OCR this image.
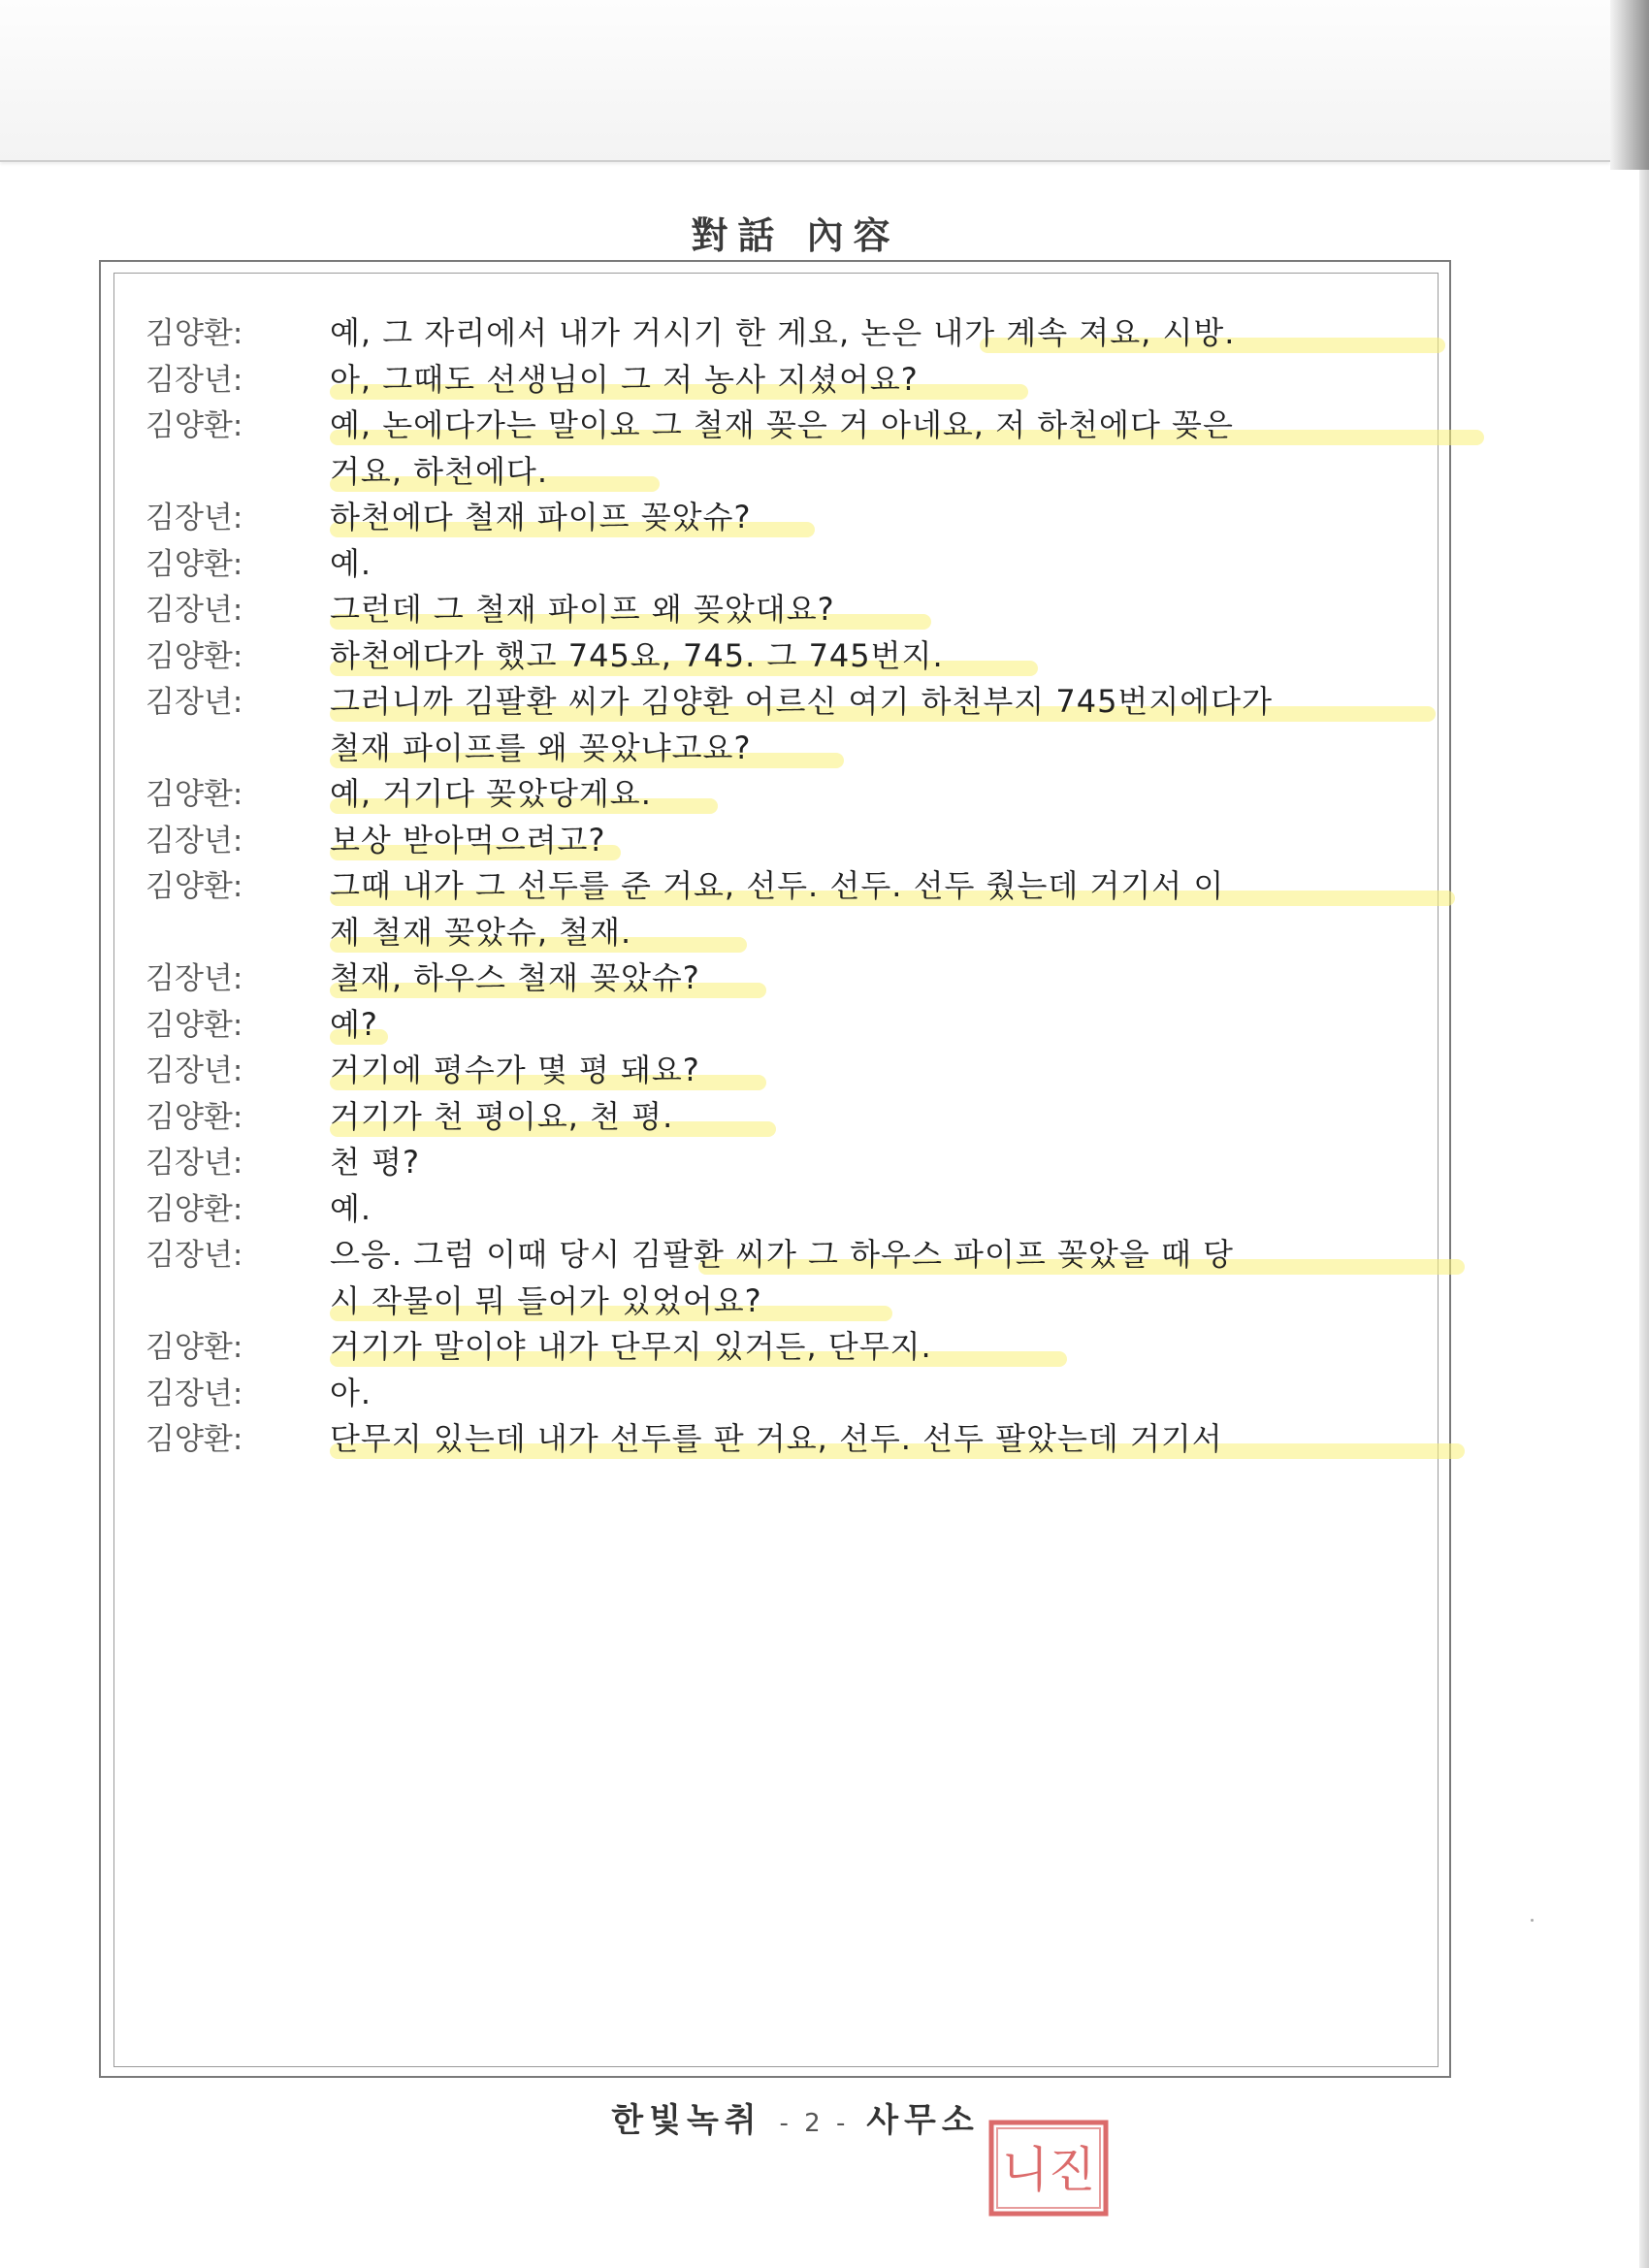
對話 內容
김양환:	예, 그 자리에서 내가 거시기 한 게요, 논은 내가 계속 져요, 시방.
김장년:	아, 그때도 선생님이 그 저 농사 지셨어요?
김양환:	예, 논에다가는 말이요 그 철재 꽂은 거 아네요, 저 하천에다 꽂은
거요, 하천에다.
김장년:	하천에다 철재 파이프 꽂았슈?
김양환:	예.
김장년:	그런데 그 철재 파이프 왜 꽂았대요?
김양환:	하천에다가 했고 745요, 745. 그 745번지.
김장년:	그러니까 김팔환 씨가 김양환 어르신 여기 하천부지 745번지에다가
철재 파이프를 왜 꽂았냐고요?
김양환:	예, 거기다 꽂았당게요.
김장년:	보상 받아먹으려고?
김양환:	그때 내가 그 선두를 준 거요, 선두. 선두. 선두 줬는데 거기서 이
제 철재 꽂았슈, 철재.
김장년:	철재, 하우스 철재 꽂았슈?
김양환:	예?
김장년:	거기에 평수가 몇 평 돼요?
김양환:	거기가 천 평이요, 천 평.
김장년:	천 평?
김양환:	예.
김장년:	으응. 그럼 이때 당시 김팔환 씨가 그 하우스 파이프 꽂았을 때 당
시 작물이 뭐 들어가 있었어요?
김양환:	거기가 말이야 내가 단무지 있거든, 단무지.
김장년:	아.
김양환:	단무지 있는데 내가 선두를 판 거요, 선두. 선두 팔았는데 거기서
한빛녹취 - 2 - 사무소
니진
